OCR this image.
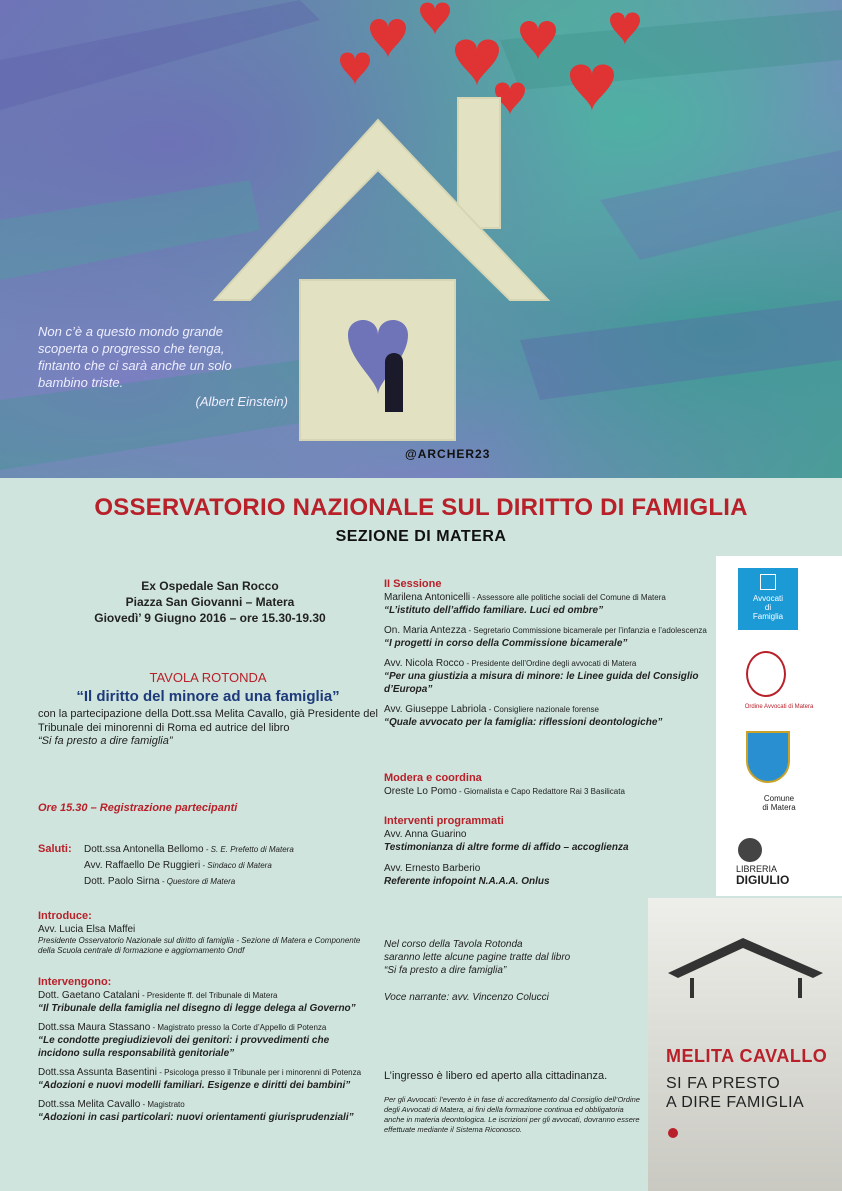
Non c’è a questo mondo grande
scoperta o progresso che tenga,
fintanto che ci sarà anche un solo
bambino triste.
(Albert Einstein)
@ARCHER23
OSSERVATORIO NAZIONALE SUL DIRITTO DI FAMIGLIA
SEZIONE DI MATERA
Ex Ospedale San Rocco
Piazza San Giovanni – Matera
Giovedì’ 9 Giugno 2016 – ore 15.30-19.30
TAVOLA ROTONDA
“Il diritto del minore ad una famiglia”
con la partecipazione della Dott.ssa Melita Cavallo, già Presidente del Tribunale dei minorenni di Roma ed autrice del libro
“Si fa presto a dire famiglia”
Ore 15.30 – Registrazione partecipanti
Saluti: Dott.ssa Antonella Bellomo - S. E. Prefetto di Matera
Avv. Raffaello De Ruggieri - Sindaco di Matera
Dott. Paolo Sirna - Questore di Matera
Introduce:
Avv. Lucia Elsa Maffei
Presidente Osservatorio Nazionale sul diritto di famiglia - Sezione di Matera e Componente della Scuola centrale di formazione e aggiornamento Ondf
Intervengono:
Dott. Gaetano Catalani - Presidente ff. del Tribunale di Matera
“Il Tribunale della famiglia nel disegno di legge delega al Governo”
Dott.ssa Maura Stassano - Magistrato presso la Corte d’Appello di Potenza
“Le condotte pregiudizievoli dei genitori: i provvedimenti che incidono sulla responsabilità genitoriale”
Dott.ssa Assunta Basentini - Psicologa presso il Tribunale per i minorenni di Potenza
“Adozioni e nuovi modelli familiari. Esigenze e diritti dei bambini”
Dott.ssa Melita Cavallo - Magistrato
“Adozioni in casi particolari: nuovi orientamenti giurisprudenziali”
II Sessione
Marilena Antonicelli - Assessore alle politiche sociali del Comune di Matera
“L’istituto dell’affido familiare. Luci ed ombre”
On. Maria Antezza - Segretario Commissione bicamerale per l’infanzia e l’adolescenza
“I progetti in corso della Commissione bicamerale”
Avv. Nicola Rocco - Presidente dell’Ordine degli avvocati di Matera
“Per una giustizia a misura di minore: le Linee guida del Consiglio d’Europa”
Avv. Giuseppe Labriola - Consigliere nazionale forense
“Quale avvocato per la famiglia: riflessioni deontologiche”
Modera e coordina
Oreste Lo Pomo - Giornalista e Capo Redattore Rai 3 Basilicata
Interventi programmati
Avv. Anna Guarino
Testimonianza di altre forme di affido – accoglienza
Avv. Ernesto Barberio
Referente infopoint N.A.A.A. Onlus
Nel corso della Tavola Rotonda
saranno lette alcune pagine tratte dal libro
“Si fa presto a dire famiglia”
Voce narrante: avv. Vincenzo Colucci
L’ingresso è libero ed aperto alla cittadinanza.
Per gli Avvocati: l’evento è in fase di accreditamento dal Consiglio dell’Ordine degli Avvocati di Matera, ai fini della formazione continua ed obbligatoria anche in materia deontologica. Le iscrizioni per gli avvocati, dovranno essere effettuate mediante il Sistema Riconosco.
Avvocati
di
Famiglia
Ordine Avvocati di Matera
Comune
di Matera
LIBRERIA
DIGIULIO
MELITA CAVALLO
SI FA PRESTO
A DIRE FAMIGLIA
